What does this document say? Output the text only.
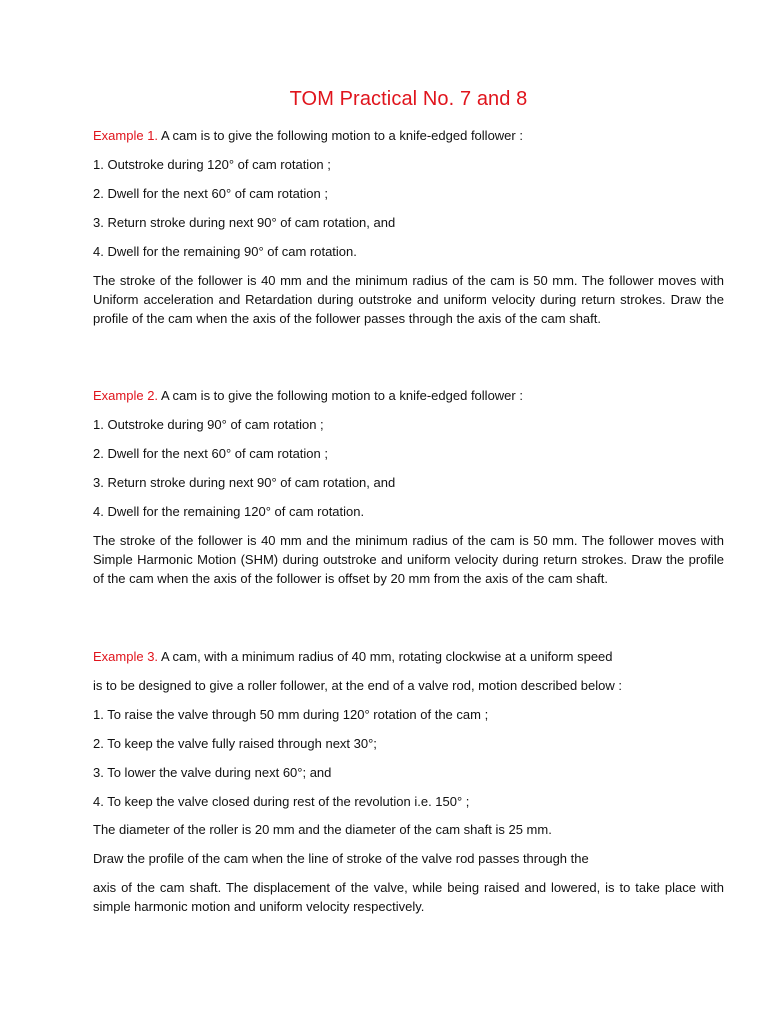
TOM Practical No. 7 and 8

Example 1. A cam is to give the following motion to a knife-edged follower :

1. Outstroke during 120° of cam rotation ;

2. Dwell for the next 60° of cam rotation ;

3. Return stroke during next 90° of cam rotation, and

4. Dwell for the remaining 90° of cam rotation.

The stroke of the follower is 40 mm and the minimum radius of the cam is 50 mm. The follower moves with Uniform acceleration and Retardation during outstroke and uniform velocity during return strokes. Draw the profile of the cam when the axis of the follower passes through the axis of the cam shaft.

Example 2. A cam is to give the following motion to a knife-edged follower :

1. Outstroke during 90° of cam rotation ;

2. Dwell for the next 60° of cam rotation ;

3. Return stroke during next 90° of cam rotation, and

4. Dwell for the remaining 120° of cam rotation.

The stroke of the follower is 40 mm and the minimum radius of the cam is 50 mm. The follower moves with Simple Harmonic Motion (SHM) during outstroke and uniform velocity during return strokes. Draw the profile of the cam when the axis of the follower is offset by 20 mm from the axis of the cam shaft.

Example 3. A cam, with a minimum radius of 40 mm, rotating clockwise at a uniform speed

is to be designed to give a roller follower, at the end of a valve rod, motion described below :

1. To raise the valve through 50 mm during 120° rotation of the cam ;

2. To keep the valve fully raised through next 30°;

3. To lower the valve during next 60°; and

4. To keep the valve closed during rest of the revolution i.e. 150° ;

The diameter of the roller is 20 mm and the diameter of the cam shaft is 25 mm.

Draw the profile of the cam when the line of stroke of the valve rod passes through the

axis of the cam shaft. The displacement of the valve, while being raised and lowered, is to take place with simple harmonic motion and uniform velocity respectively.
